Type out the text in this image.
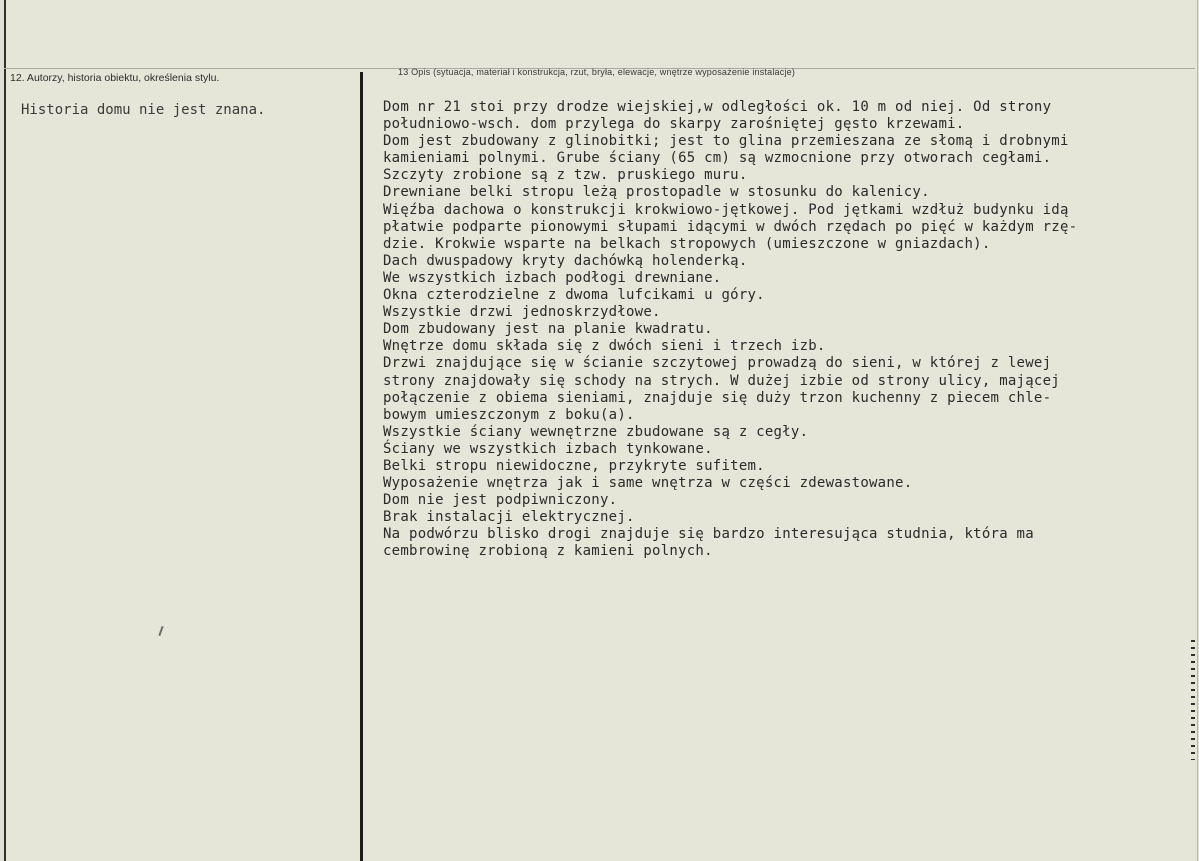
12. Autorzy, historia obiektu, określenia stylu.	13 Opis (sytuacja, materiał i konstrukcja, rzut, bryła, elewacje, wnętrze wyposażenie instalacje)
Historia domu nie jest znana.	Dom nr 21 stoi przy drodze wiejskiej,w odległości ok. 10 m od niej. Od strony
południowo-wsch. dom przylega do skarpy zarośniętej gęsto krzewami.
Dom jest zbudowany z glinobitki; jest to glina przemieszana ze słomą i drobnymi
kamieniami polnymi. Grube ściany (65 cm) są wzmocnione przy otworach cegłami.
Szczyty zrobione są z tzw. pruskiego muru.
Drewniane belki stropu leżą prostopadle w stosunku do kalenicy.
Więźba dachowa o konstrukcji krokwiowo-jętkowej. Pod jętkami wzdłuż budynku idą
płatwie podparte pionowymi słupami idącymi w dwóch rzędach po pięć w każdym rzę-
dzie. Krokwie wsparte na belkach stropowych (umieszczone w gniazdach).
Dach dwuspadowy kryty dachówką holenderką.
We wszystkich izbach podłogi drewniane.
Okna czterodzielne z dwoma lufcikami u góry.
Wszystkie drzwi jednoskrzydłowe.
Dom zbudowany jest na planie kwadratu.
Wnętrze domu składa się z dwóch sieni i trzech izb.
Drzwi znajdujące się w ścianie szczytowej prowadzą do sieni, w której z lewej
strony znajdowały się schody na strych. W dużej izbie od strony ulicy, mającej
połączenie z obiema sieniami, znajduje się duży trzon kuchenny z piecem chle-
bowym umieszczonym z boku(a).
Wszystkie ściany wewnętrzne zbudowane są z cegły.
Ściany we wszystkich izbach tynkowane.
Belki stropu niewidoczne, przykryte sufitem.
Wyposażenie wnętrza jak i same wnętrza w części zdewastowane.
Dom nie jest podpiwniczony.
Brak instalacji elektrycznej.
Na podwórzu blisko drogi znajduje się bardzo interesująca studnia, która ma
cembrowinę zrobioną z kamieni polnych.
